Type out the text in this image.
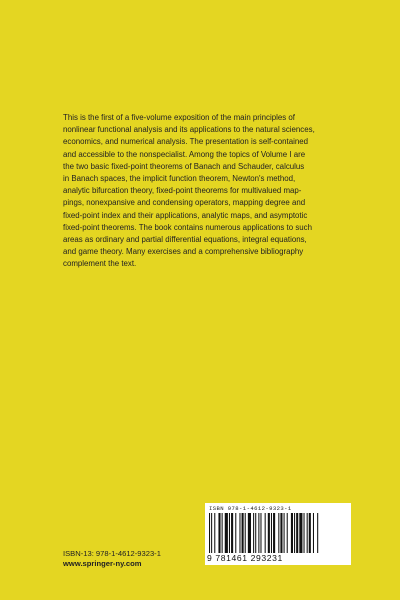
This is the first of a five-volume exposition of the main principles of
nonlinear functional analysis and its applications to the natural sciences,
economics, and numerical analysis. The presentation is self-contained
and accessible to the nonspecialist. Among the topics of Volume I are
the two basic fixed-point theorems of Banach and Schauder, calculus
in Banach spaces, the implicit function theorem, Newton's method,
analytic bifurcation theory, fixed-point theorems for multivalued map-
pings, nonexpansive and condensing operators, mapping degree and
fixed-point index and their applications, analytic maps, and asymptotic
fixed-point theorems. The book contains numerous applications to such
areas as ordinary and partial differential equations, integral equations,
and game theory. Many exercises and a comprehensive bibliography
complement the text.
ISBN 978-1-4612-9323-1
9 781461 293231
ISBN-13: 978-1-4612-9323-1
www.springer-ny.com
